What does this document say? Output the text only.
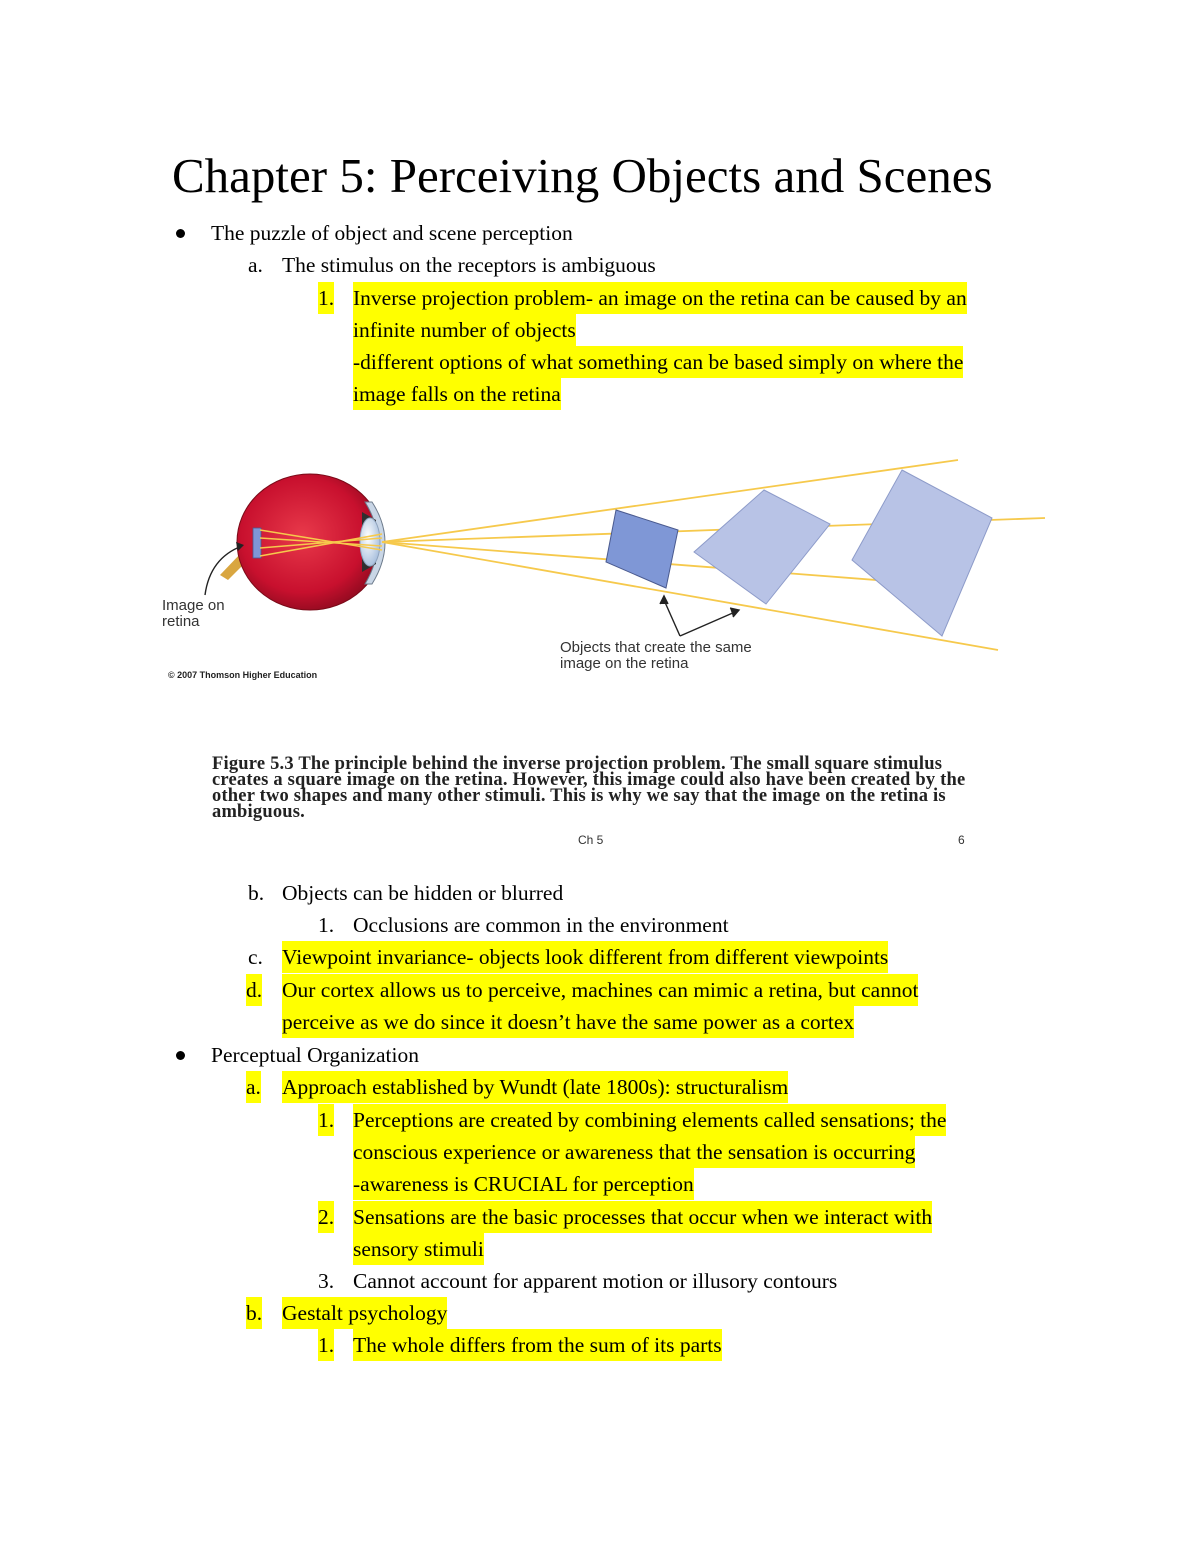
Chapter 5: Perceiving Objects and Scenes
The puzzle of object and scene perception
a. The stimulus on the receptors is ambiguous
1. Inverse projection problem- an image on the retina can be caused by an
infinite number of objects
-different options of what something can be based simply on where the
image falls on the retina
Image on
retina
Objects that create the same
image on the retina
© 2007 Thomson Higher Education
Figure 5.3 The principle behind the inverse projection problem. The small square stimulus creates a square image on the retina. However, this image could also have been created by the other two shapes and many other stimuli. This is why we say that the image on the retina is ambiguous.
Ch 5	6
b. Objects can be hidden or blurred
1. Occlusions are common in the environment
c. Viewpoint invariance- objects look different from different viewpoints
d. Our cortex allows us to perceive, machines can mimic a retina, but cannot
perceive as we do since it doesn’t have the same power as a cortex
Perceptual Organization
a. Approach established by Wundt (late 1800s): structuralism
1. Perceptions are created by combining elements called sensations; the
conscious experience or awareness that the sensation is occurring
-awareness is CRUCIAL for perception
2. Sensations are the basic processes that occur when we interact with
sensory stimuli
3. Cannot account for apparent motion or illusory contours
b. Gestalt psychology
1. The whole differs from the sum of its parts
